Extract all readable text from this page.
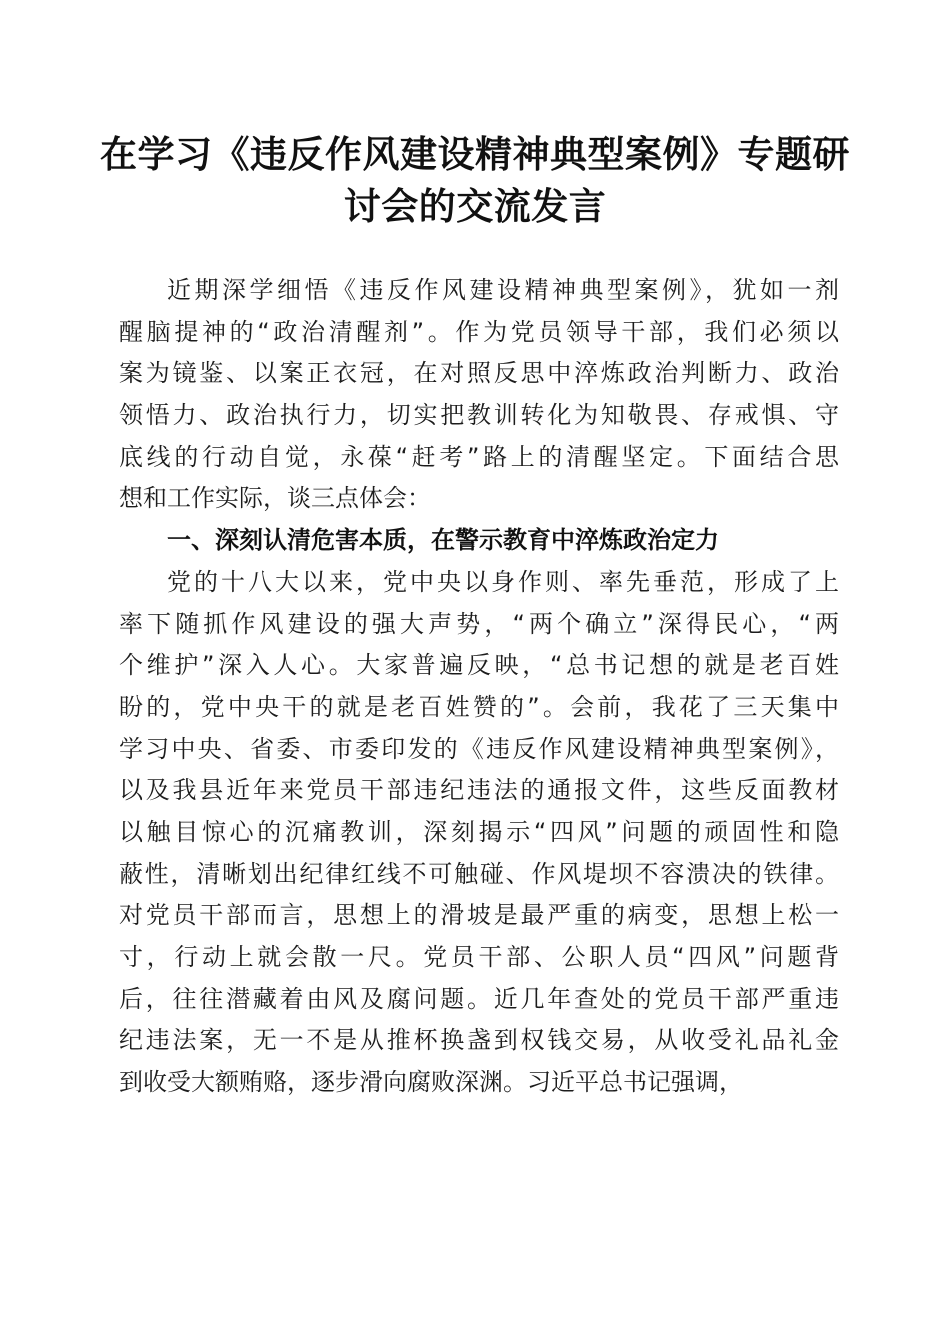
在学习《违反作风建设精神典型案例》专题研
讨会的交流发言
近期深学细悟《违反作风建设精神典型案例》，犹如一剂
醒脑提神的“政治清醒剂”。作为党员领导干部，我们必须以
案为镜鉴、以案正衣冠，在对照反思中淬炼政治判断力、政治
领悟力、政治执行力，切实把教训转化为知敬畏、存戒惧、守
底线的行动自觉，永葆“赶考”路上的清醒坚定。下面结合思
想和工作实际，谈三点体会：
一、深刻认清危害本质，在警示教育中淬炼政治定力
党的十八大以来，党中央以身作则、率先垂范，形成了上
率下随抓作风建设的强大声势，“两个确立”深得民心，“两
个维护”深入人心。大家普遍反映，“总书记想的就是老百姓
盼的，党中央干的就是老百姓赞的”。会前，我花了三天集中
学习中央、省委、市委印发的《违反作风建设精神典型案例》，
以及我县近年来党员干部违纪违法的通报文件，这些反面教材
以触目惊心的沉痛教训，深刻揭示“四风”问题的顽固性和隐
蔽性，清晰划出纪律红线不可触碰、作风堤坝不容溃决的铁律。
对党员干部而言，思想上的滑坡是最严重的病变，思想上松一
寸，行动上就会散一尺。党员干部、公职人员“四风”问题背
后，往往潜藏着由风及腐问题。近几年查处的党员干部严重违
纪违法案，无一不是从推杯换盏到权钱交易，从收受礼品礼金
到收受大额贿赂，逐步滑向腐败深渊。习近平总书记强调，
